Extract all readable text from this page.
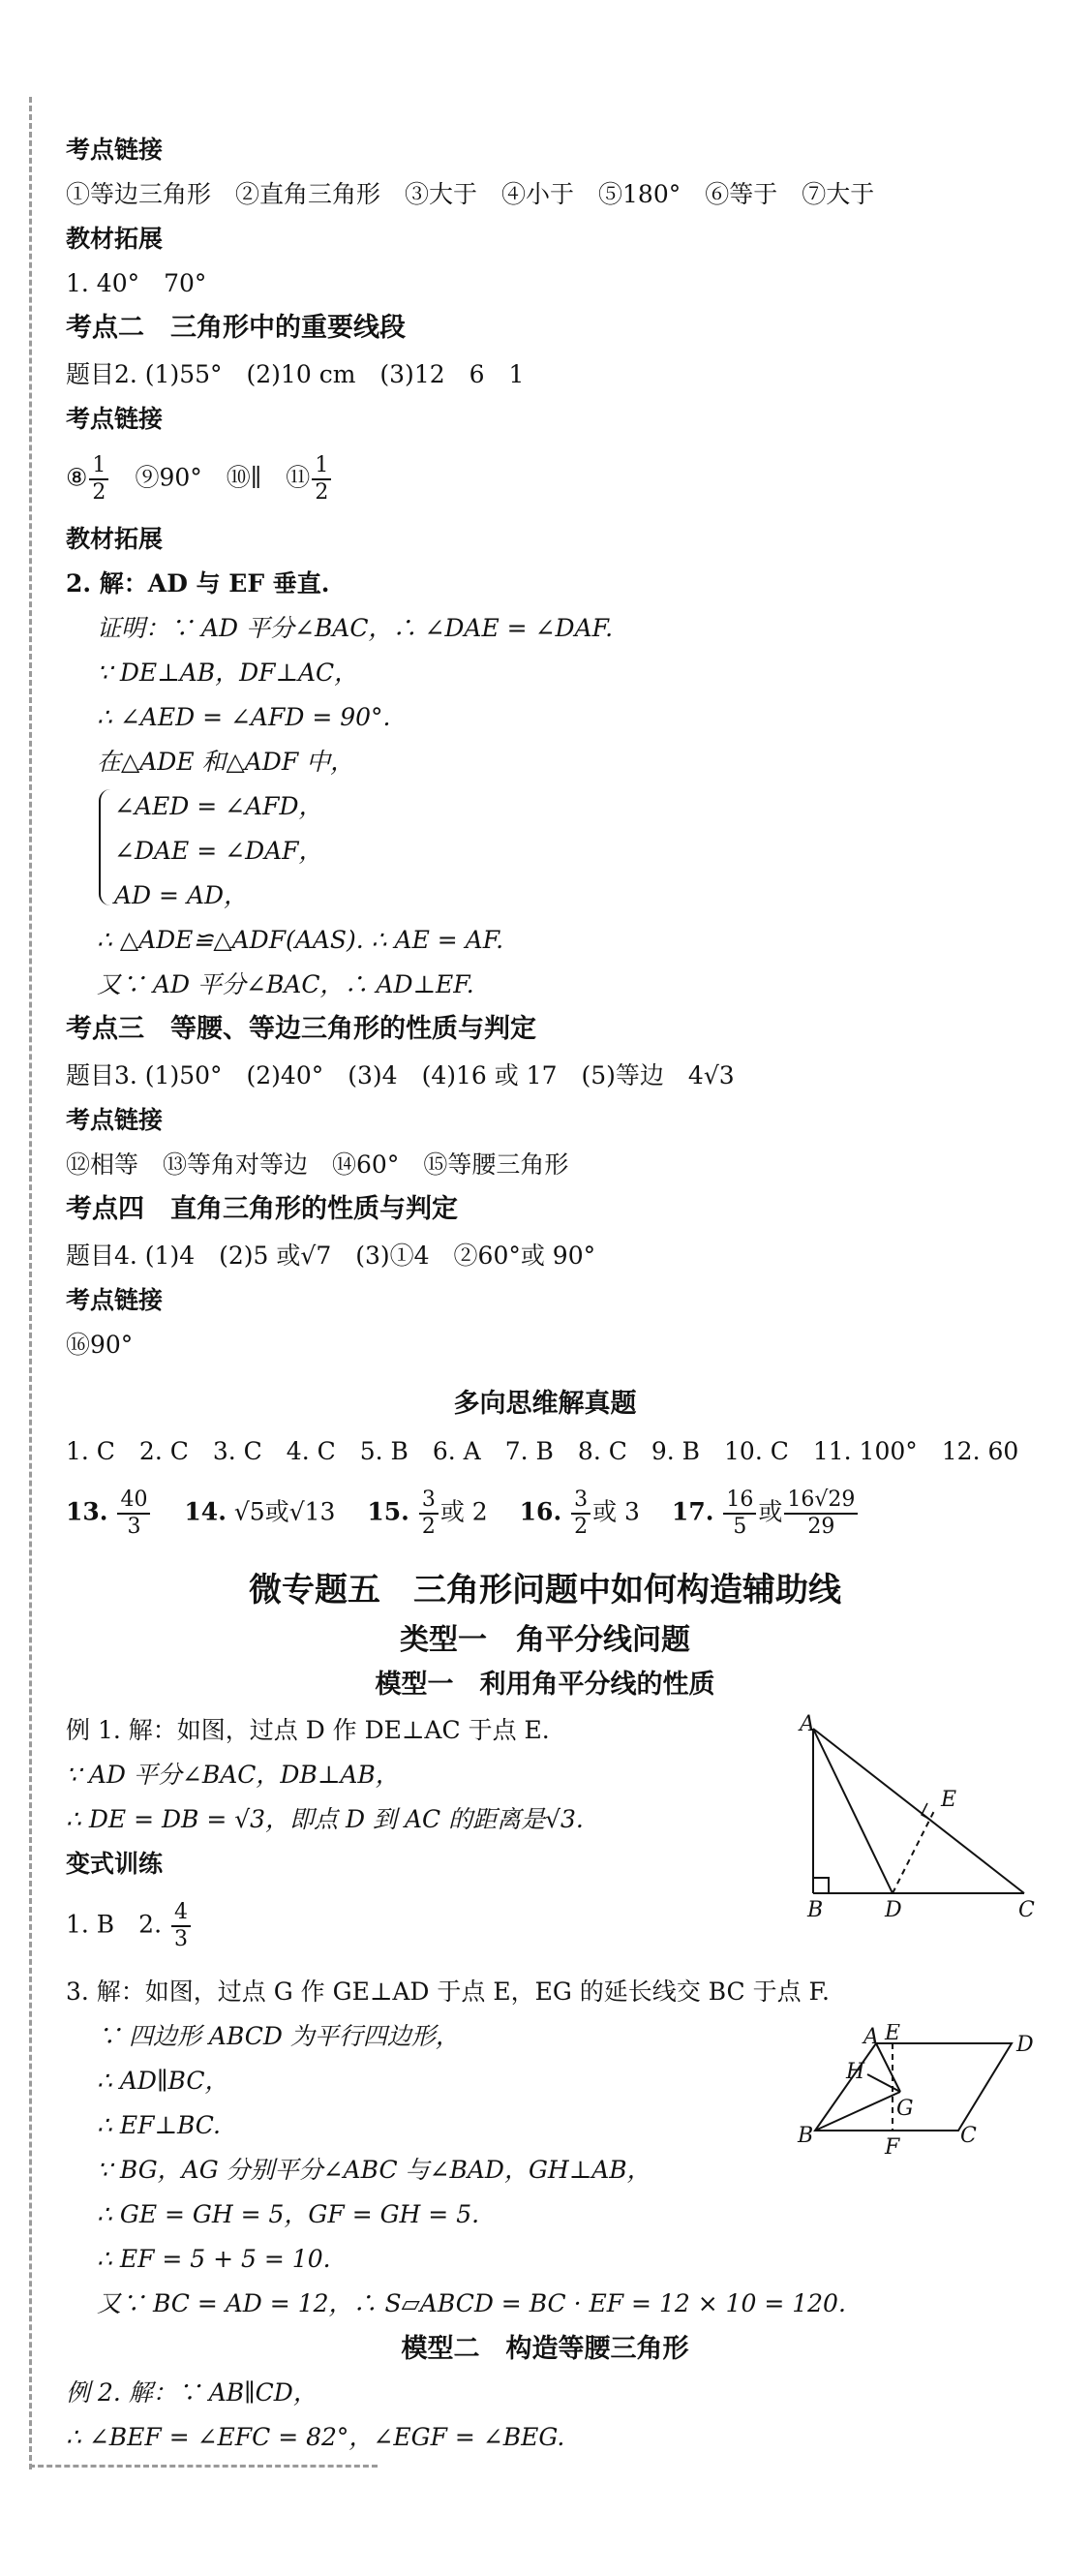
考点链接
①等边三角形　②直角三角形　③大于　④小于　⑤180°　⑥等于　⑦大于
教材拓展
1. 40°　70°
考点二　三角形中的重要线段
题目2. (1)55°　(2)10 cm　(3)12　6　1
考点链接
⑧ $\frac{1}{2}$
　 ⑨90°　⑩∥　⑪ $\frac{1}{2}$
教材拓展
2. 解：AD 与 EF 垂直.
证明：∵ AD 平分∠BAC，∴ ∠DAE = ∠DAF.
∵ DE⊥AB，DF⊥AC，
∴ ∠AED = ∠AFD = 90°.
在△ADE 和△ADF 中，
∠AED = ∠AFD，
∠DAE = ∠DAF，
AD = AD，
∴ △ADE≌△ADF(AAS). ∴ AE = AF.
又∵ AD 平分∠BAC，∴ AD⊥EF.
考点三　等腰、等边三角形的性质与判定
题目3. (1)50°　(2)40°　(3)4　(4)16 或 17　(5)等边　4√3
考点链接
⑫相等　⑬等角对等边　⑭60°　⑮等腰三角形
考点四　直角三角形的性质与判定
题目4. (1)4　(2)5 或√7　(3)①4　②60°或 90°
考点链接
⑯90°
多向思维解真题
1. C　2. C　3. C　4. C　5. B　6. A　7. B　8. C　9. B　10. C　11. 100°　12. 60
13. $\frac{40}{3}$
　 14. √5或√13　 15. $\frac{3}{2}$ 或 2　 16. $\frac{3}{2}$ 或 3　 17. $\frac{16}{5}$ 或 $\frac{16√29}{29}$
微专题五　三角形问题中如何构造辅助线
类型一　角平分线问题
模型一　利用角平分线的性质
例 1. 解：如图，过点 D 作 DE⊥AC 于点 E.
∵ AD 平分∠BAC，DB⊥AB，
∴ DE = DB = √3，即点 D 到 AC 的距离是√3.
变式训练
1. B　2. $\frac{4}{3}$
3. 解：如图，过点 G 作 GE⊥AD 于点 E，EG 的延长线交 BC 于点 F.
∵ 四边形 ABCD 为平行四边形，
∴ AD∥BC，
∴ EF⊥BC.
∵ BG，AG 分别平分∠ABC 与∠BAD，GH⊥AB，
∴ GE = GH = 5，GF = GH = 5.
∴ EF = 5 + 5 = 10.
又∵ BC = AD = 12，∴ S▱ABCD = BC · EF = 12 × 10 = 120.
模型二　构造等腰三角形
例 2. 解：∵ AB∥CD，
∴ ∠BEF = ∠EFC = 82°，∠EGF = ∠BEG.
A
B	D	C
E
A E	D
H
G
B	F	C
